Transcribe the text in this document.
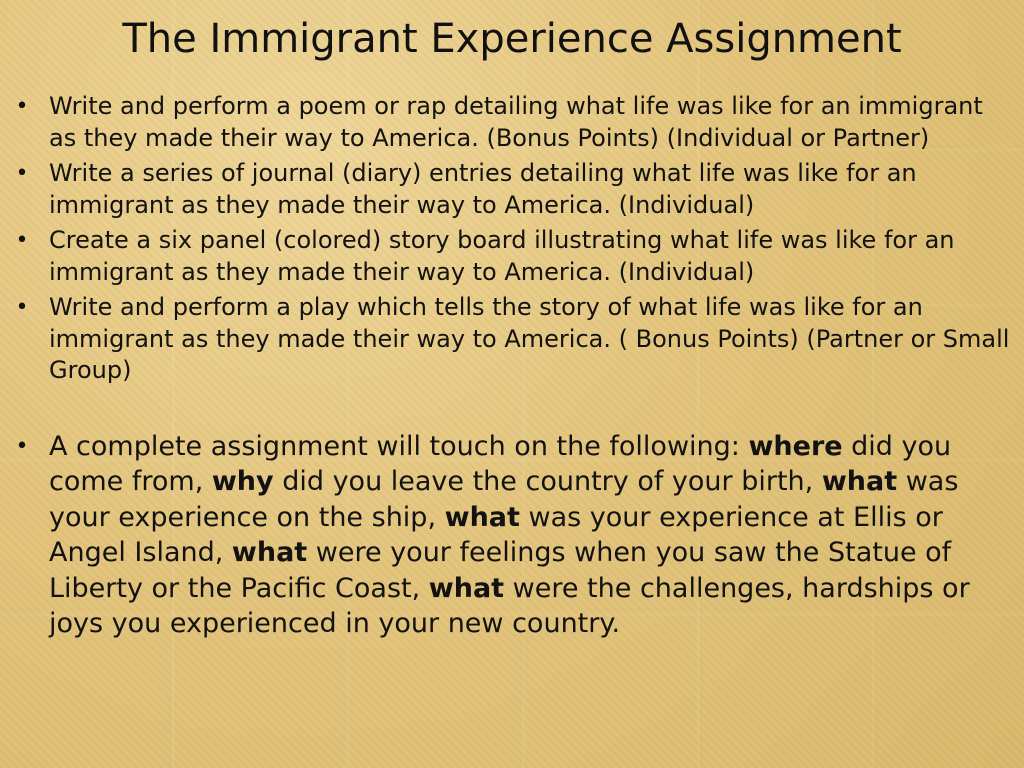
The Immigrant Experience Assignment
• Write and perform a poem or rap detailing what life was like for an immigrant as they made their way to America. (Bonus Points) (Individual or Partner)
• Write a series of journal (diary) entries detailing what life was like for an immigrant as they made their way to America. (Individual)
• Create a six panel (colored) story board illustrating what life was like for an immigrant as they made their way to America. (Individual)
• Write and perform a play which tells the story of what life was like for an immigrant as they made their way to America. ( Bonus Points) (Partner or Small Group)
• A complete assignment will touch on the following: where did you come from, why did you leave the country of your birth, what was your experience on the ship, what was your experience at Ellis or Angel Island, what were your feelings when you saw the Statue of Liberty or the Pacific Coast, what were the challenges, hardships or joys you experienced in your new country.
